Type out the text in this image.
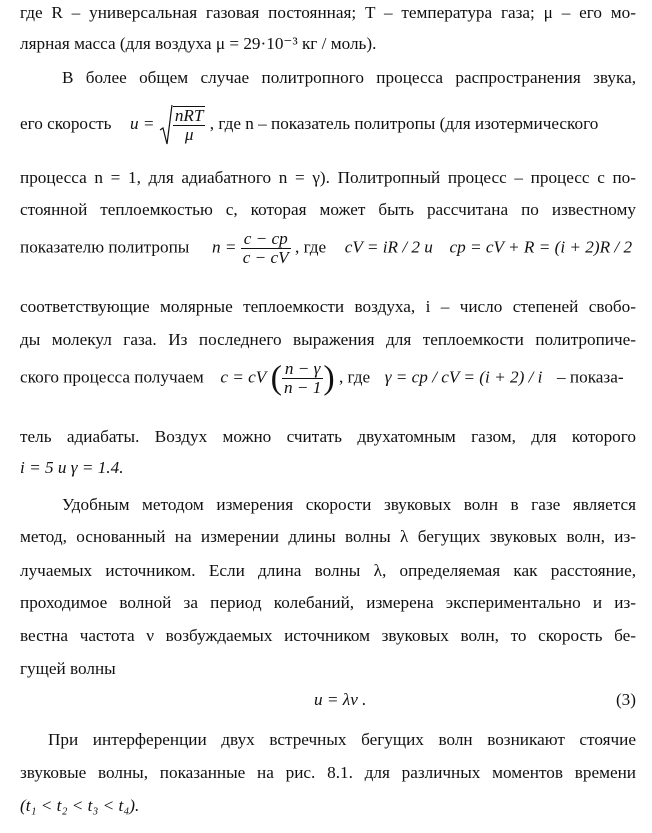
где R – универсальная газовая постоянная; T – температура газа; μ – его мо-
лярная масса (для воздуха μ = 29·10⁻³ кг / моль).
В более общем случае политропного процесса распространения звука,
его скорость $u = \frac{\text{nRT}}{\mu}$ , где n – показатель политропы (для изотермического
процесса n = 1, для адиабатного n = γ). Политропный процесс – процесс с по-
стоянной теплоемкостью c, которая может быть рассчитана по известному
показателю политропы $n = \frac{c - cp}{c - cV}$ , где cV = iR / 2 и cp = cV + R = (i + 2)R / 2
соответствующие молярные теплоемкости воздуха, i – число степеней свобо-
ды молекул газа. Из последнего выражения для теплоемкости политропиче-
ского процесса получаем c = cV ( $\frac{n - \gamma}{n - 1}$ ) , где γ = cp / cV = (i + 2) / i – показа-
тель адиабаты. Воздух можно считать двухатомным газом, для которого
i = 5 и γ = 1.4.
Удобным методом измерения скорости звуковых волн в газе является
метод, основанный на измерении длины волны λ бегущих звуковых волн, из-
лучаемых источником. Если длина волны λ, определяемая как расстояние,
проходимое волной за период колебаний, измерена экспериментально и из-
вестна частота ν возбуждаемых источником звуковых волн, то скорость бе-
гущей волны
u = λν .	(3)
При интерференции двух встречных бегущих волн возникают стоячие
звуковые волны, показанные на рис. 8.1. для различных моментов времени
(t₁ < t₂ < t₃ < t₄).
